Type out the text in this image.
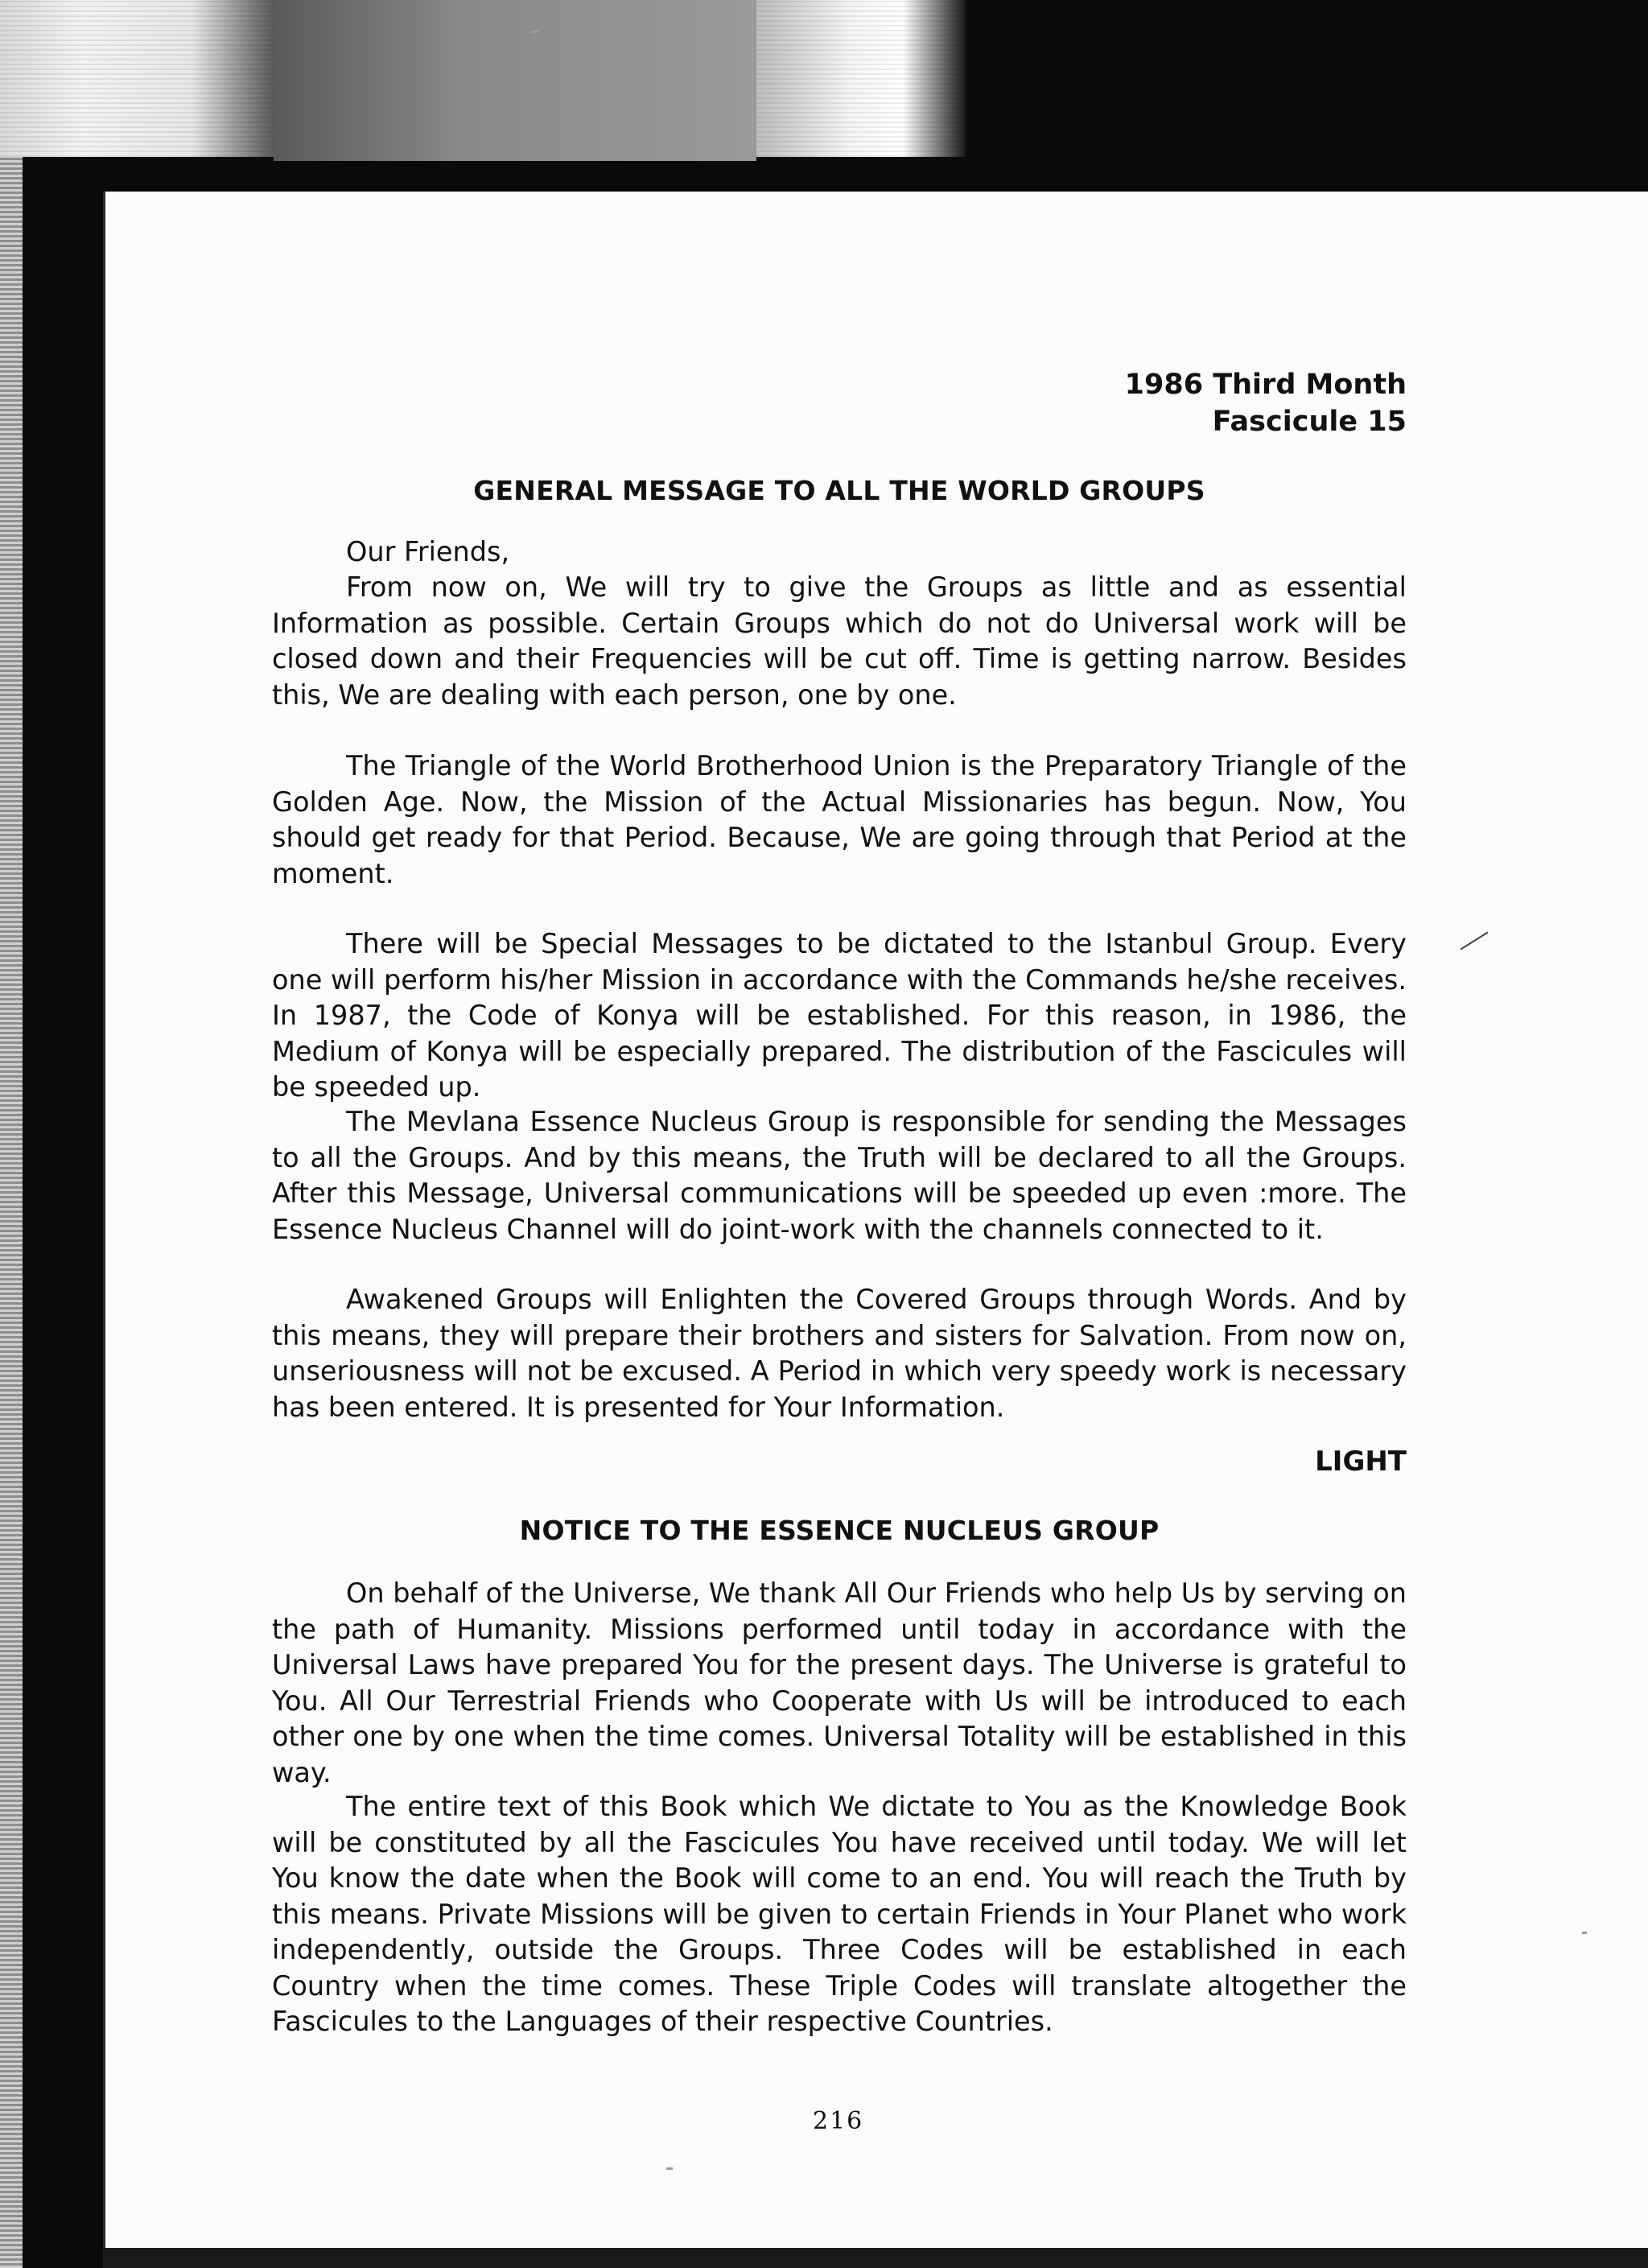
1986 Third Month
Fascicule 15
GENERAL MESSAGE TO ALL THE WORLD GROUPS
Our Friends,

From now on, We will try to give the Groups as little and as essential Information as possible. Certain Groups which do not do Universal work will be closed down and their Frequencies will be cut off. Time is getting narrow. Besides this, We are dealing with each person, one by one.

The Triangle of the World Brotherhood Union is the Preparatory Triangle of the Golden Age. Now, the Mission of the Actual Missionaries has begun. Now, You should get ready for that Period. Because, We are going through that Period at the moment.

There will be Special Messages to be dictated to the Istanbul Group. Every one will perform his/her Mission in accordance with the Commands he/she receives. In 1987, the Code of Konya will be established. For this reason, in 1986, the Medium of Konya will be especially prepared. The distribution of the Fascicules will be speeded up.

The Mevlana Essence Nucleus Group is responsible for sending the Messages to all the Groups. And by this means, the Truth will be declared to all the Groups. After this Message, Universal communications will be speeded up even :more. The Essence Nucleus Channel will do joint-work with the channels connected to it.

Awakened Groups will Enlighten the Covered Groups through Words. And by this means, they will prepare their brothers and sisters for Salvation. From now on, unseriousness will not be excused. A Period in which very speedy work is necessary has been entered. It is presented for Your Information.

LIGHT
NOTICE TO THE ESSENCE NUCLEUS GROUP

On behalf of the Universe, We thank All Our Friends who help Us by serving on the path of Humanity. Missions performed until today in accordance with the Universal Laws have prepared You for the present days. The Universe is grateful to You. All Our Terrestrial Friends who Cooperate with Us will be introduced to each other one by one when the time comes. Universal Totality will be established in this way.

The entire text of this Book which We dictate to You as the Knowledge Book will be constituted by all the Fascicules You have received until today. We will let You know the date when the Book will come to an end. You will reach the Truth by this means. Private Missions will be given to certain Friends in Your Planet who work independently, outside the Groups. Three Codes will be established in each Country when the time comes. These Triple Codes will translate altogether the Fascicules to the Languages of their respective Countries.

216
